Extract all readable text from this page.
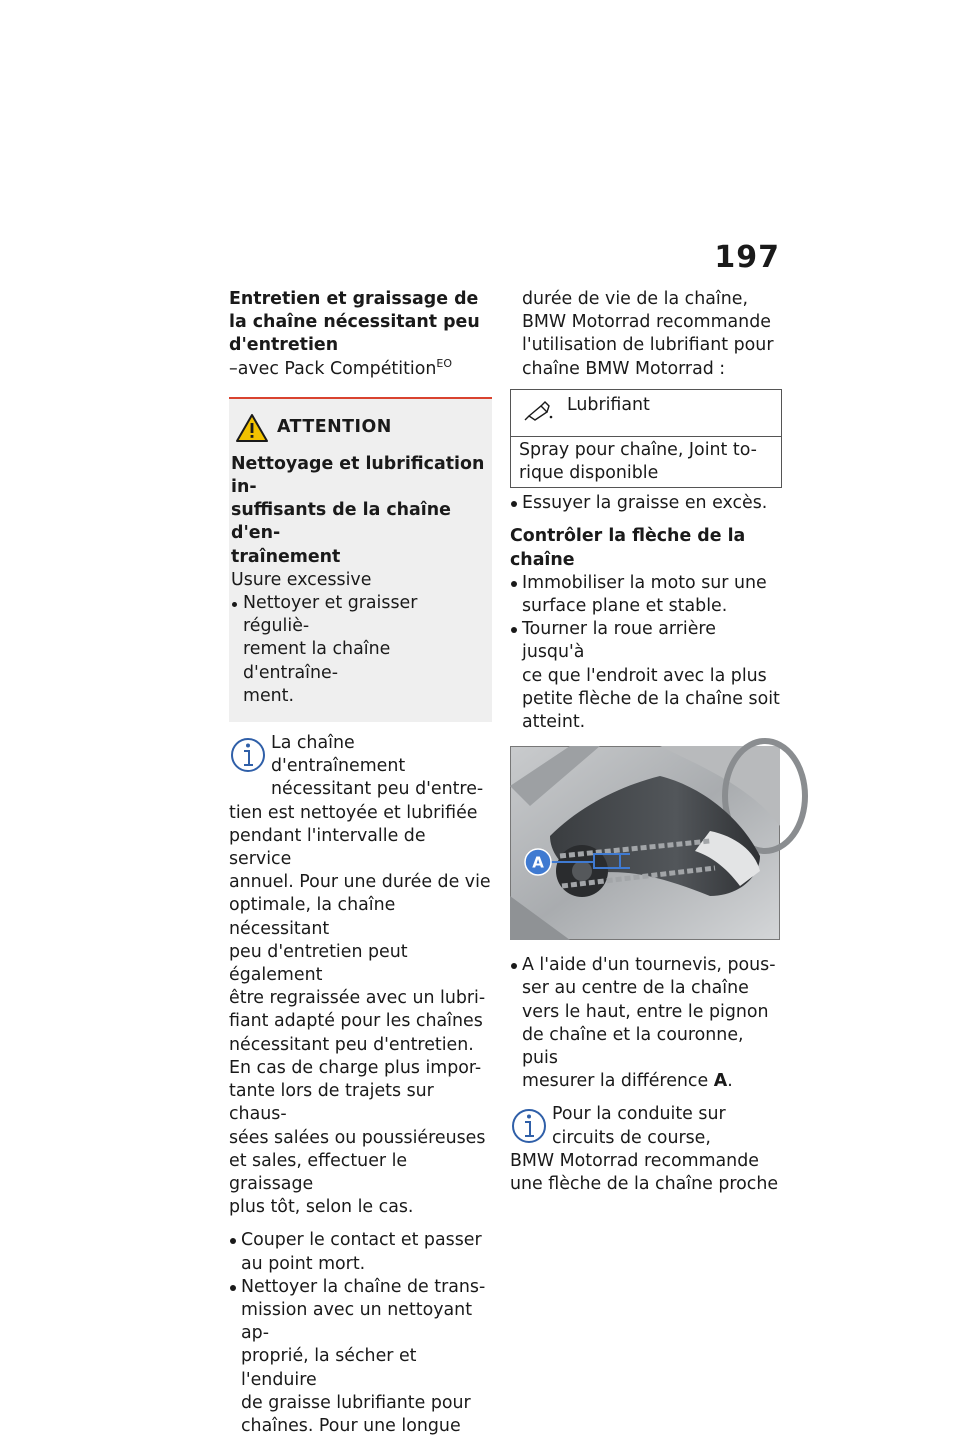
197
Entretien et graissage de
la chaîne nécessitant peu
d'entretien
–avec Pack Compétition$^{EO}$
ATTENTION
Nettoyage et lubrification in-
suffisants de la chaîne d'en-
traînement
Usure excessive
Nettoyer et graisser réguliè-
rement la chaîne d'entraîne-
ment.
La chaîne d'entraînement
nécessitant peu d'entre-
tien est nettoyée et lubrifiée
pendant l'intervalle de service
annuel. Pour une durée de vie
optimale, la chaîne nécessitant
peu d'entretien peut également
être regraissée avec un lubri-
fiant adapté pour les chaînes
nécessitant peu d'entretien.
En cas de charge plus impor-
tante lors de trajets sur chaus-
sées salées ou poussiéreuses
et sales, effectuer le graissage
plus tôt, selon le cas.
Couper le contact et passer
au point mort.
Nettoyer la chaîne de trans-
mission avec un nettoyant ap-
proprié, la sécher et l'enduire
de graisse lubrifiante pour
chaînes. Pour une longue
durée de vie de la chaîne,
BMW Motorrad recommande
l'utilisation de lubrifiant pour
chaîne BMW Motorrad :
Lubrifiant
Spray pour chaîne, Joint to-
rique disponible
Essuyer la graisse en excès.
Contrôler la flèche de la
chaîne
Immobiliser la moto sur une
surface plane et stable.
Tourner la roue arrière jusqu'à
ce que l'endroit avec la plus
petite flèche de la chaîne soit
atteint.
A
A l'aide d'un tournevis, pous-
ser au centre de la chaîne
vers le haut, entre le pignon
de chaîne et la couronne, puis
mesurer la différence A.
Pour la conduite sur
circuits de course,
BMW Motorrad recommande
une flèche de la chaîne proche
